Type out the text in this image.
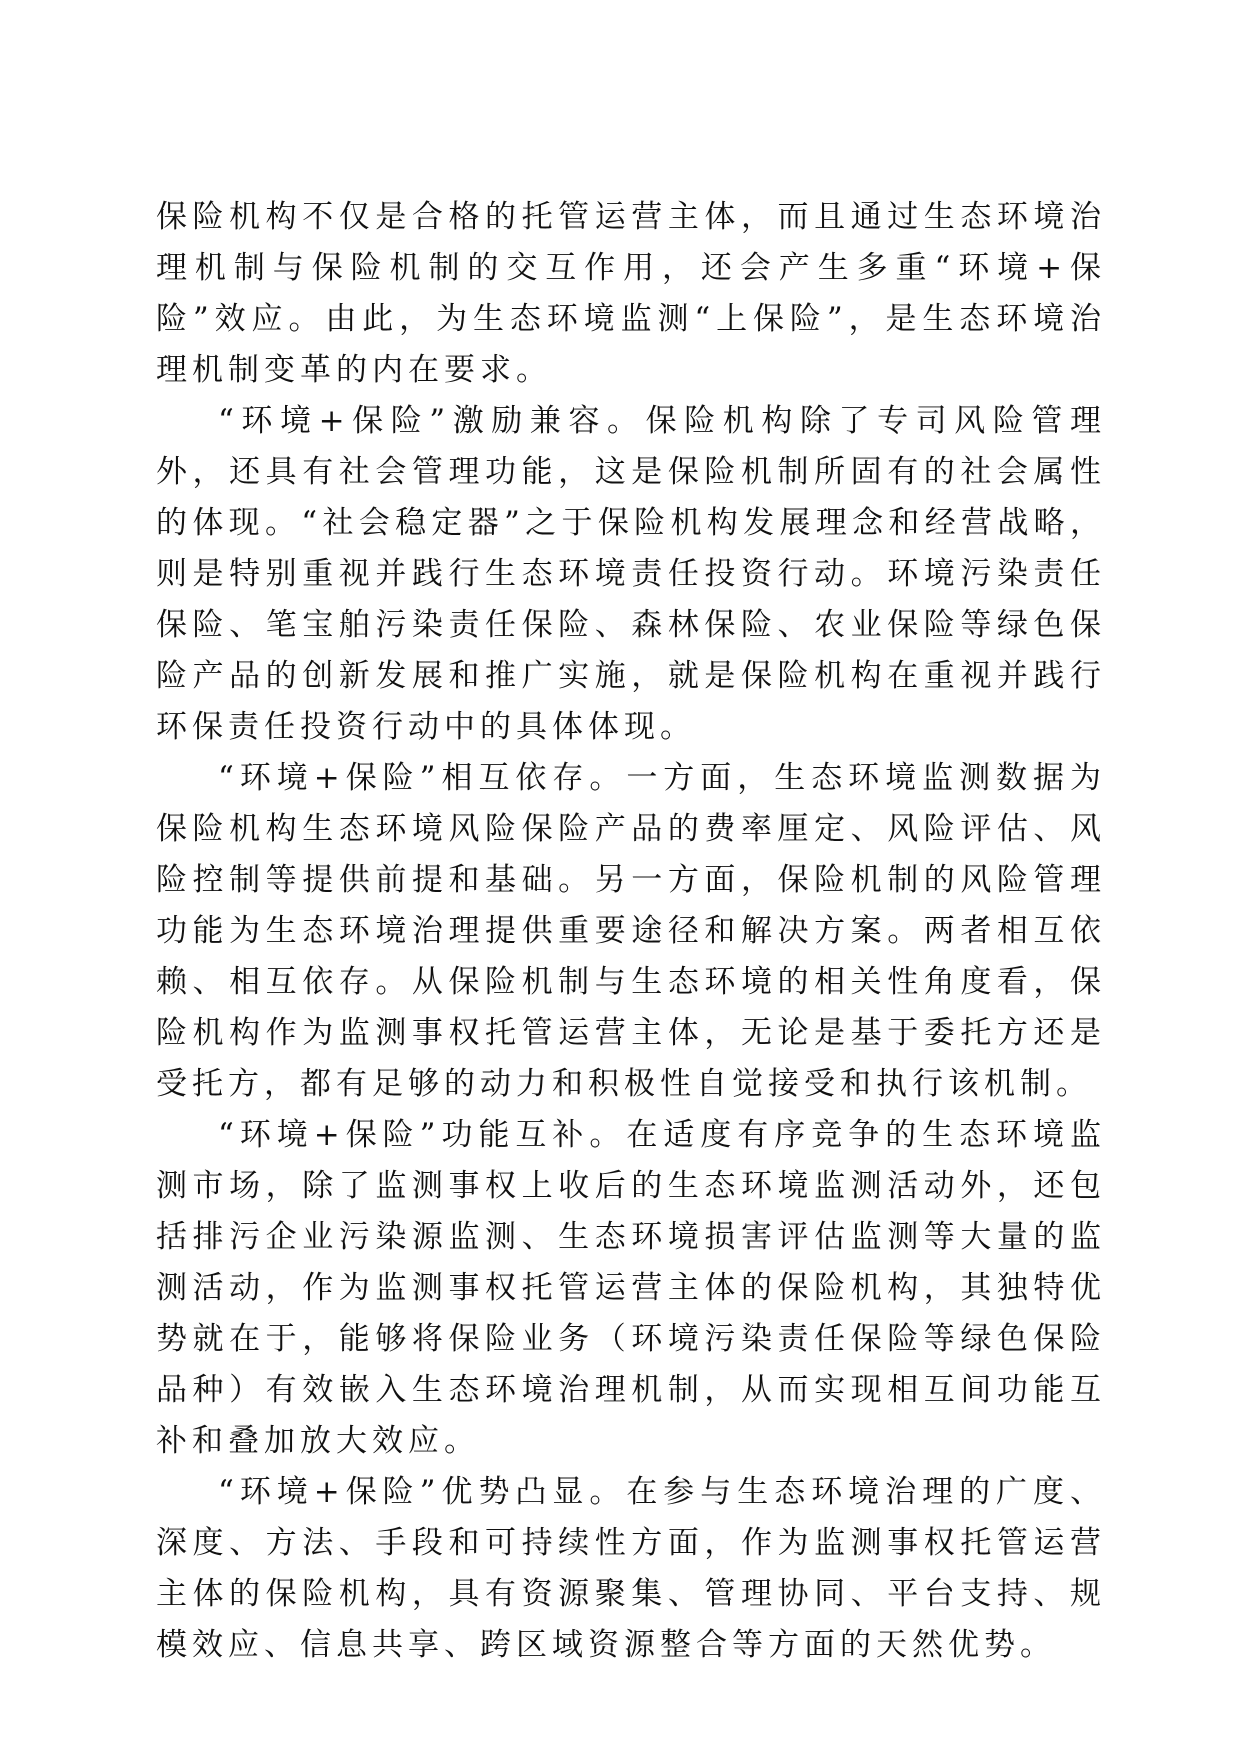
保险机构不仅是合格的托管运营主体，而且通过生态环境治理机制与保险机制的交互作用，还会产生多重“环境+保险”效应。由此，为生态环境监测“上保险”，是生态环境治理机制变革的内在要求。

“环境+保险”激励兼容。保险机构除了专司风险管理外，还具有社会管理功能，这是保险机制所固有的社会属性的体现。“社会稳定器”之于保险机构发展理念和经营战略，则是特别重视并践行生态环境责任投资行动。环境污染责任保险、笔宝舶污染责任保险、森林保险、农业保险等绿色保险产品的创新发展和推广实施，就是保险机构在重视并践行环保责任投资行动中的具体体现。

“环境+保险”相互依存。一方面，生态环境监测数据为保险机构生态环境风险保险产品的费率厘定、风险评估、风险控制等提供前提和基础。另一方面，保险机制的风险管理功能为生态环境治理提供重要途径和解决方案。两者相互依赖、相互依存。从保险机制与生态环境的相关性角度看，保险机构作为监测事权托管运营主体，无论是基于委托方还是受托方，都有足够的动力和积极性自觉接受和执行该机制。

“环境+保险”功能互补。在适度有序竞争的生态环境监测市场，除了监测事权上收后的生态环境监测活动外，还包括排污企业污染源监测、生态环境损害评估监测等大量的监测活动，作为监测事权托管运营主体的保险机构，其独特优势就在于，能够将保险业务（环境污染责任保险等绿色保险品种）有效嵌入生态环境治理机制，从而实现相互间功能互补和叠加放大效应。

“环境+保险”优势凸显。在参与生态环境治理的广度、深度、方法、手段和可持续性方面，作为监测事权托管运营主体的保险机构，具有资源聚集、管理协同、平台支持、规模效应、信息共享、跨区域资源整合等方面的天然优势。
